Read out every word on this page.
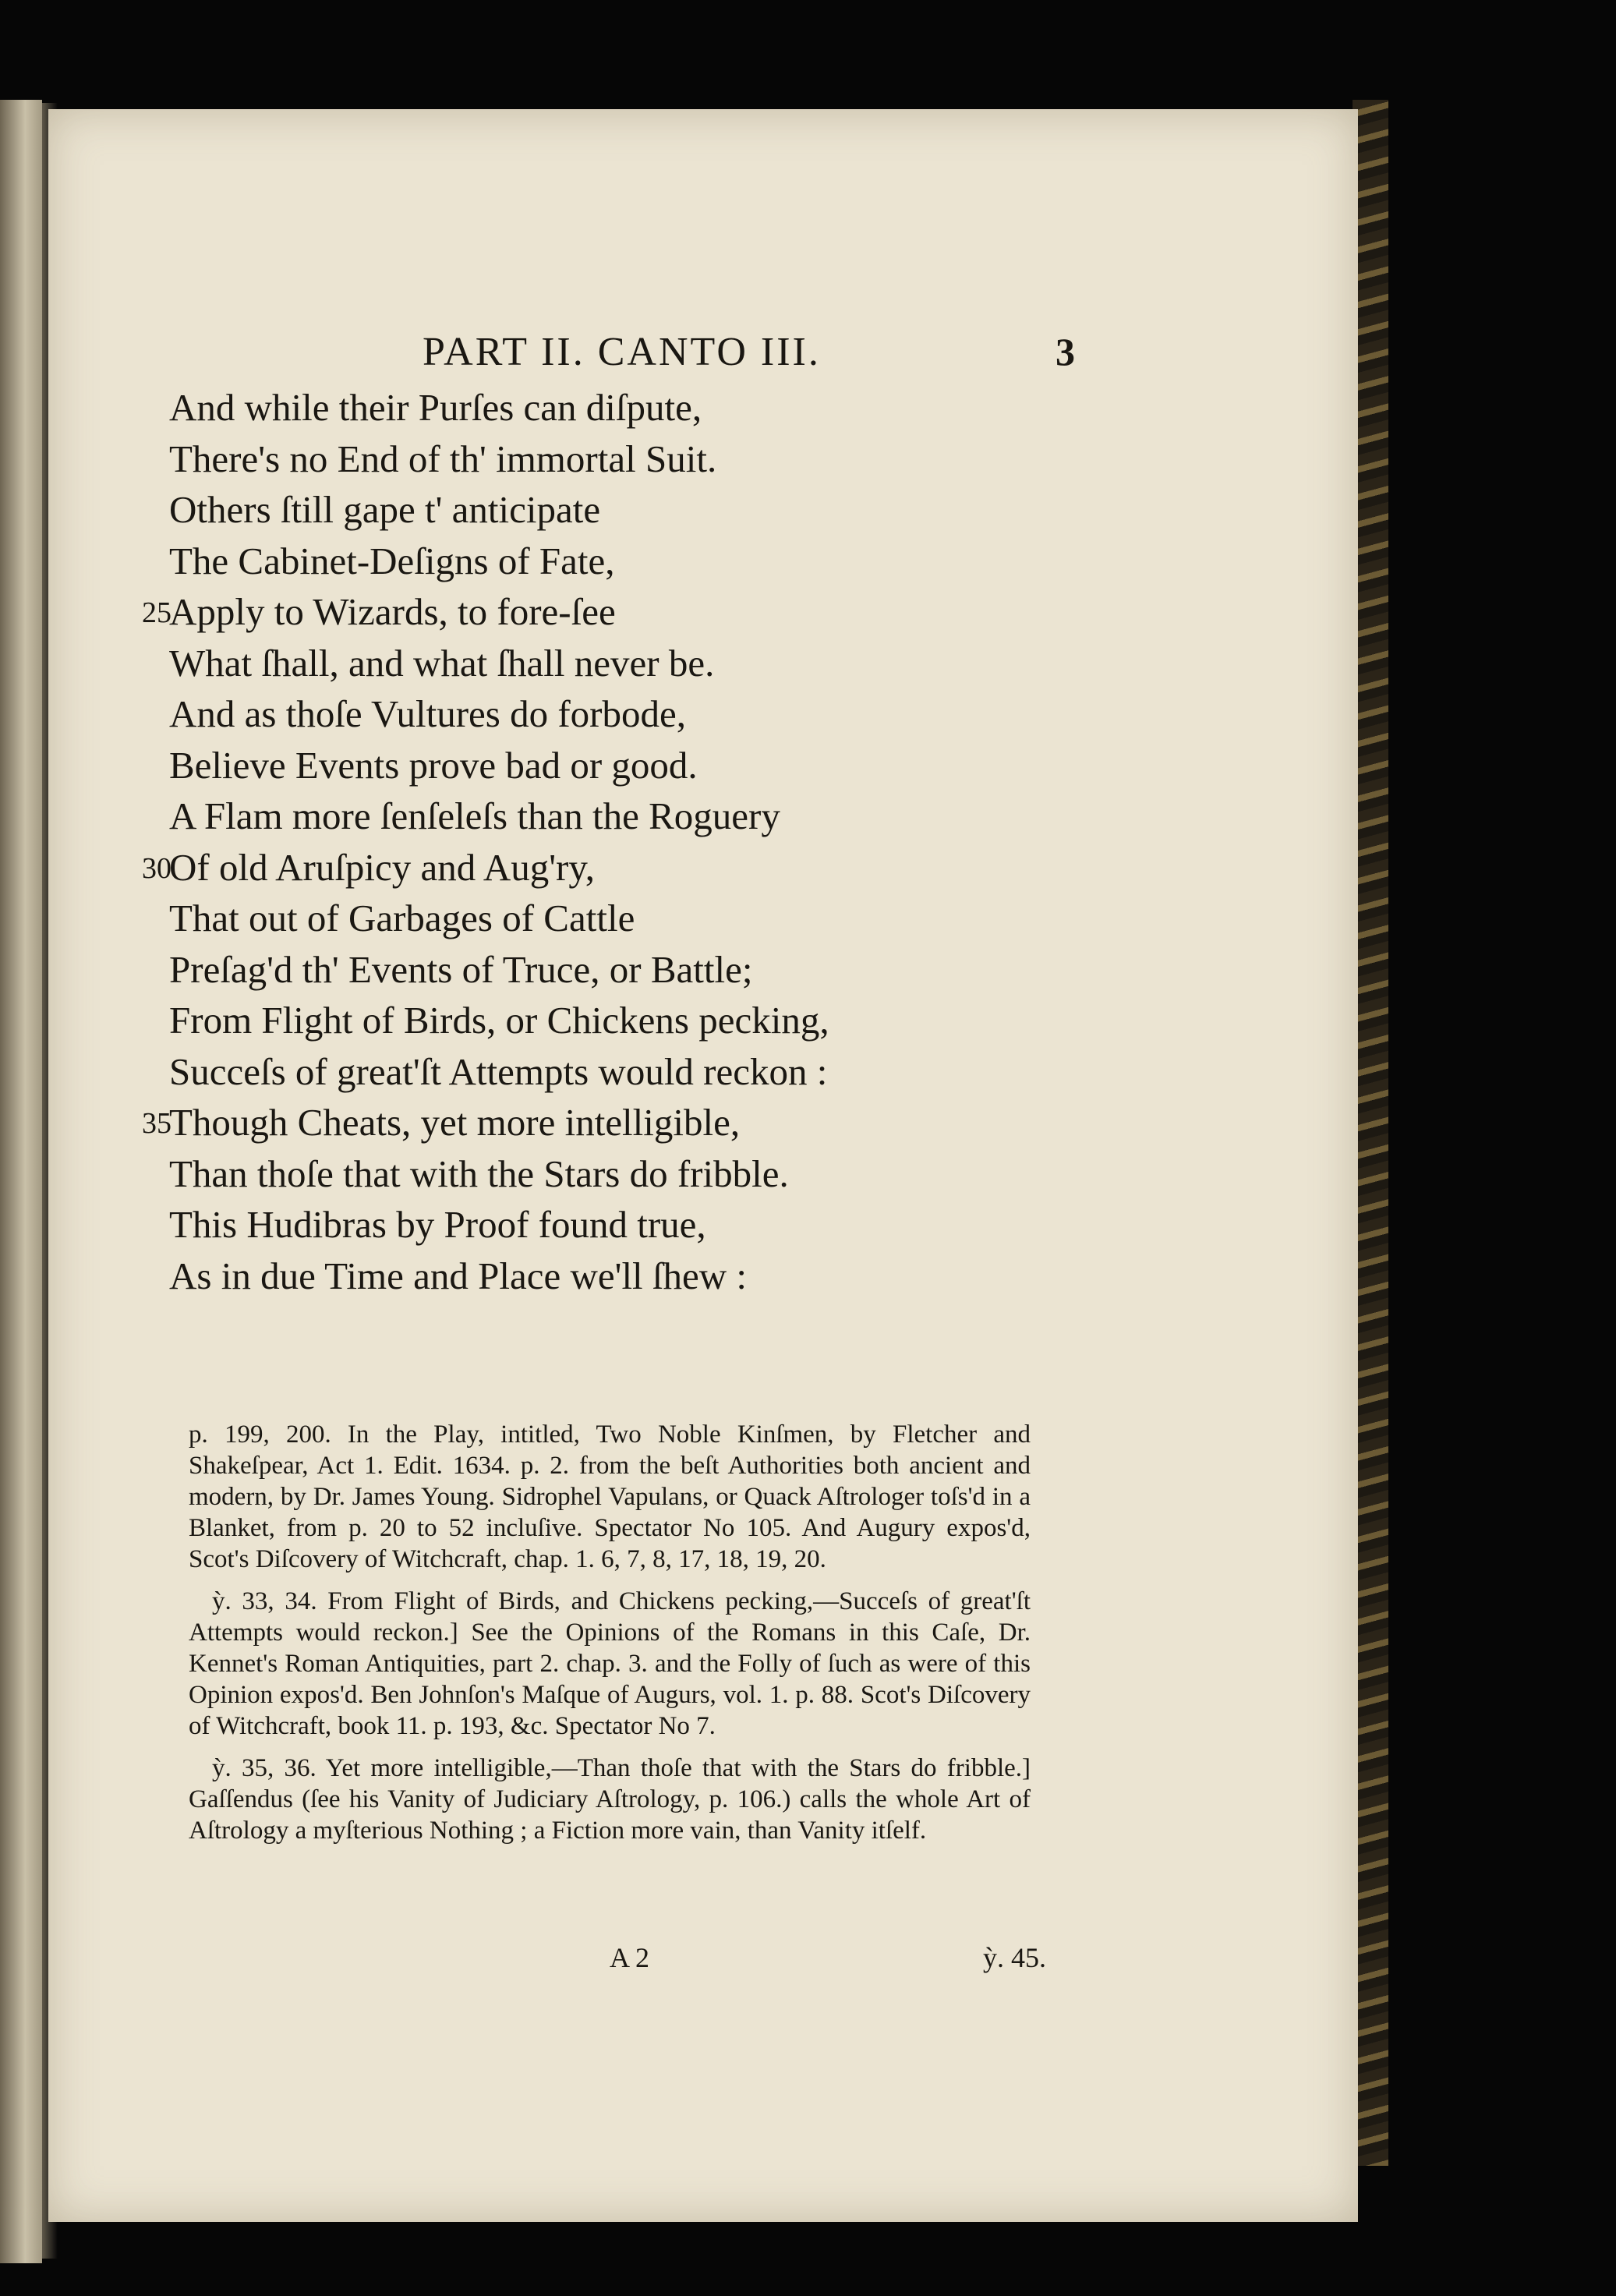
PART II. CANTO III.	3
And while their Purſes can diſpute,
There's no End of th' immortal Suit.
Others ſtill gape t' anticipate
The Cabinet-Deſigns of Fate,
25
Apply to Wizards, to fore-ſee
What ſhall, and what ſhall never be.
And as thoſe Vultures do forbode,
Believe Events prove bad or good.
A Flam more ſenſeleſs than the Roguery
30
Of old Aruſpicy and Aug'ry,
That out of Garbages of Cattle
Preſag'd th' Events of Truce, or Battle;
From Flight of Birds, or Chickens pecking,
Succeſs of great'ſt Attempts would reckon :
35
Though Cheats, yet more intelligible,
Than thoſe that with the Stars do fribble.
This Hudibras by Proof found true,
As in due Time and Place we'll ſhew :

p. 199, 200. In the Play, intitled, Two Noble Kinſmen, by Fletcher and Shakeſpear, Act 1. Edit. 1634. p. 2. from the beſt Authorities both ancient and modern, by Dr. James Young. Sidrophel Vapulans, or Quack Aſtrologer toſs'd in a Blanket, from p. 20 to 52 incluſive. Spectator No 105. And Augury expos'd, Scot's Diſcovery of Witchcraft, chap. 1. 6, 7, 8, 17, 18, 19, 20.

ỳ. 33, 34. From Flight of Birds, and Chickens pecking,—Succeſs of great'ſt Attempts would reckon.] See the Opinions of the Romans in this Caſe, Dr. Kennet's Roman Antiquities, part 2. chap. 3. and the Folly of ſuch as were of this Opinion expos'd. Ben Johnſon's Maſque of Augurs, vol. 1. p. 88. Scot's Diſcovery of Witchcraft, book 11. p. 193, &c. Spectator No 7.

ỳ. 35, 36. Yet more intelligible,—Than thoſe that with the Stars do fribble.] Gaſſendus (ſee his Vanity of Judiciary Aſtrology, p. 106.) calls the whole Art of Aſtrology a myſterious Nothing ; a Fiction more vain, than Vanity itſelf.

A 2	ỳ. 45.
